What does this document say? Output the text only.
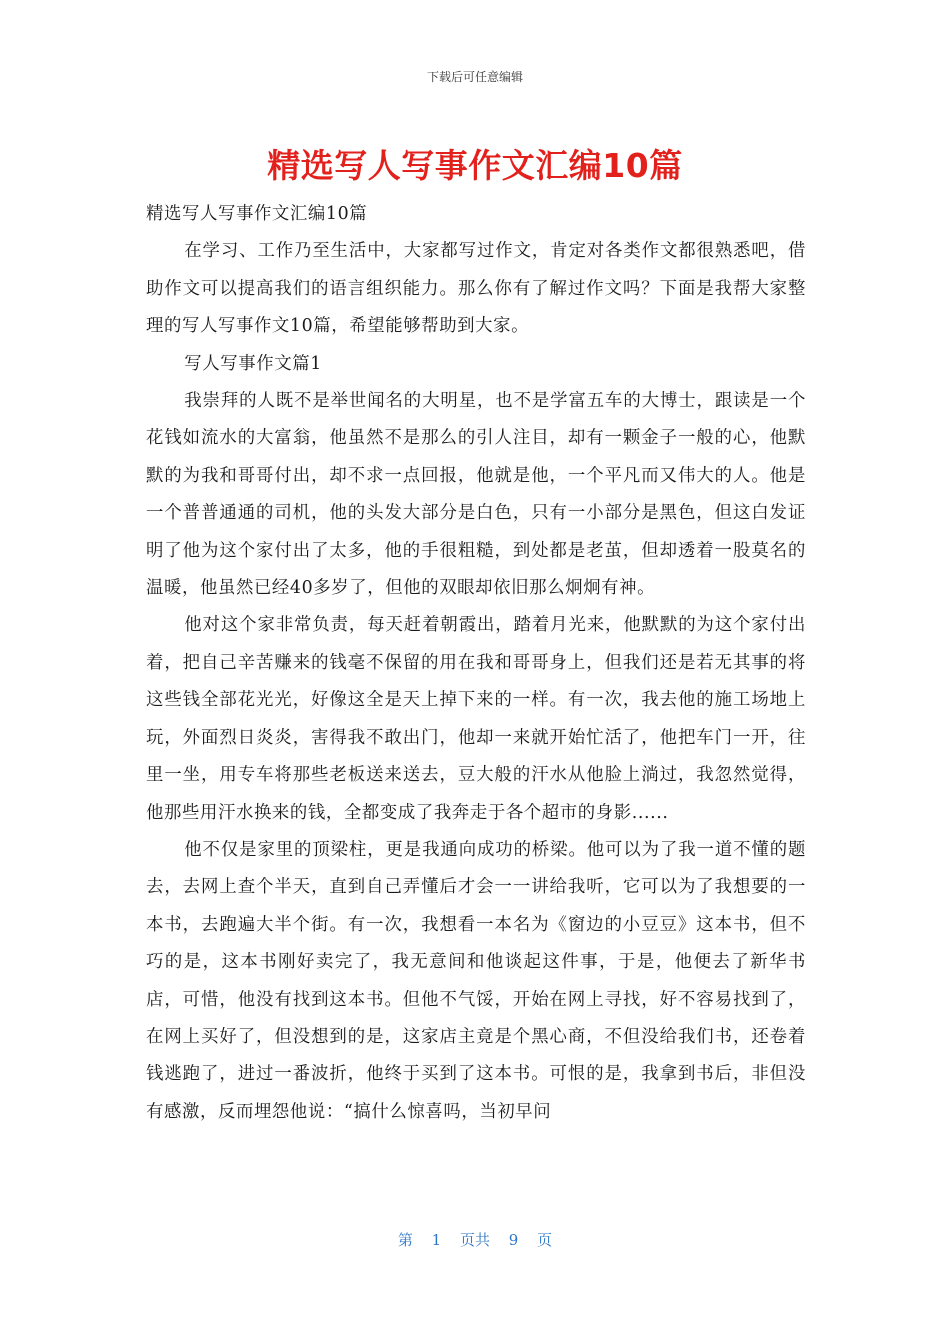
下载后可任意编辑
精选写人写事作文汇编10篇

精选写人写事作文汇编10篇

在学习、工作乃至生活中，大家都写过作文，肯定对各类作文都很熟悉吧，借助作文可以提高我们的语言组织能力。那么你有了解过作文吗？下面是我帮大家整理的写人写事作文10篇，希望能够帮助到大家。

写人写事作文篇1

我崇拜的人既不是举世闻名的大明星，也不是学富五车的大博士，跟读是一个花钱如流水的大富翁，他虽然不是那么的引人注目，却有一颗金子一般的心，他默默的为我和哥哥付出，却不求一点回报，他就是他，一个平凡而又伟大的人。他是一个普普通通的司机，他的头发大部分是白色，只有一小部分是黑色，但这白发证明了他为这个家付出了太多，他的手很粗糙，到处都是老茧，但却透着一股莫名的温暖，他虽然已经40多岁了，但他的双眼却依旧那么炯炯有神。

他对这个家非常负责，每天赶着朝霞出，踏着月光来，他默默的为这个家付出着，把自己辛苦赚来的钱毫不保留的用在我和哥哥身上，但我们还是若无其事的将这些钱全部花光光，好像这全是天上掉下来的一样。有一次，我去他的施工场地上玩，外面烈日炎炎，害得我不敢出门，他却一来就开始忙活了，他把车门一开，往里一坐，用专车将那些老板送来送去，豆大般的汗水从他脸上淌过，我忽然觉得，他那些用汗水换来的钱，全都变成了我奔走于各个超市的身影......

他不仅是家里的顶梁柱，更是我通向成功的桥梁。他可以为了我一道不懂的题去，去网上查个半天，直到自己弄懂后才会一一讲给我听，它可以为了我想要的一本书，去跑遍大半个街。有一次，我想看一本名为《窗边的小豆豆》这本书，但不巧的是，这本书刚好卖完了，我无意间和他谈起这件事，于是，他便去了新华书店，可惜，他没有找到这本书。但他不气馁，开始在网上寻找，好不容易找到了，在网上买好了，但没想到的是，这家店主竟是个黑心商，不但没给我们书，还卷着钱逃跑了，进过一番波折，他终于买到了这本书。可恨的是，我拿到书后，非但没有感激，反而埋怨他说：“搞什么惊喜吗，当初早问

第 1 页共 9 页
